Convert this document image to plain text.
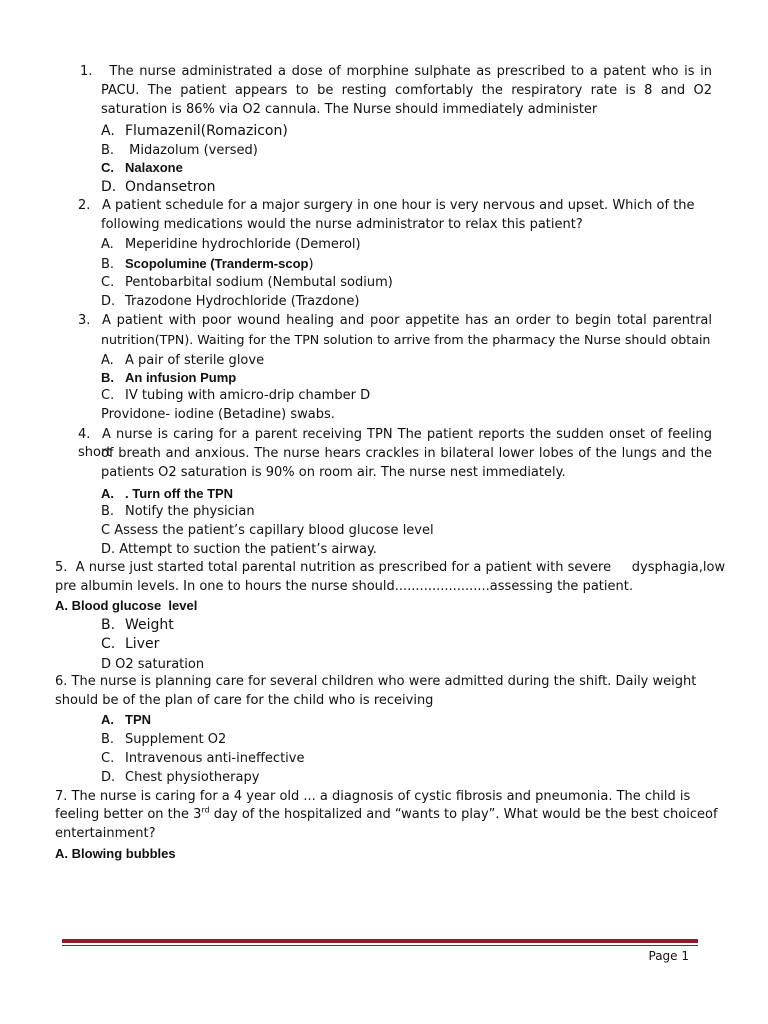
1. The nurse administrated a dose of morphine sulphate as prescribed to a patent who is in
PACU. The patient appears to be resting comfortably the respiratory rate is 8 and O2
saturation is 86% via O2 cannula. The Nurse should immediately administer
A. Flumazenil(Romazicon)
B. Midazolum (versed)
C. Nalaxone
D. Ondansetron
2. A patient schedule for a major surgery in one hour is very nervous and upset. Which of the
following medications would the nurse administrator to relax this patient?
A. Meperidine hydrochloride (Demerol)
B. Scopolumine (Tranderm-scop)
C. Pentobarbital sodium (Nembutal sodium)
D. Trazodone Hydrochloride (Trazdone)
3. A patient with poor wound healing and poor appetite has an order to begin total parentral
nutrition(TPN). Waiting for the TPN solution to arrive from the pharmacy the Nurse should obtain
A. A pair of sterile glove
B. An infusion Pump
C. IV tubing with amicro-drip chamber D
Providone- iodine (Betadine) swabs.
4. A nurse is caring for a parent receiving TPN The patient reports the sudden onset of feeling short
of breath and anxious. The nurse hears crackles in bilateral lower lobes of the lungs and the
patients O2 saturation is 90% on room air. The nurse nest immediately.
A. . Turn off the TPN
B. Notify the physician
C Assess the patient’s capillary blood glucose level
D. Attempt to suction the patient’s airway.
5. A nurse just started total parental nutrition as prescribed for a patient with severe     dysphagia,low
pre albumin levels. In one to hours the nurse should.......................assessing the patient.
A. Blood glucose  level
B. Weight
C. Liver
D O2 saturation
6. The nurse is planning care for several children who were admitted during the shift. Daily weight
should be of the plan of care for the child who is receiving
A. TPN
B. Supplement O2
C. Intravenous anti-ineffective
D. Chest physiotherapy
7. The nurse is caring for a 4 year old ... a diagnosis of cystic fibrosis and pneumonia. The child is
feeling better on the 3rd day of the hospitalized and “wants to play”. What would be the best choiceof
entertainment?
A. Blowing bubbles
Page 1
